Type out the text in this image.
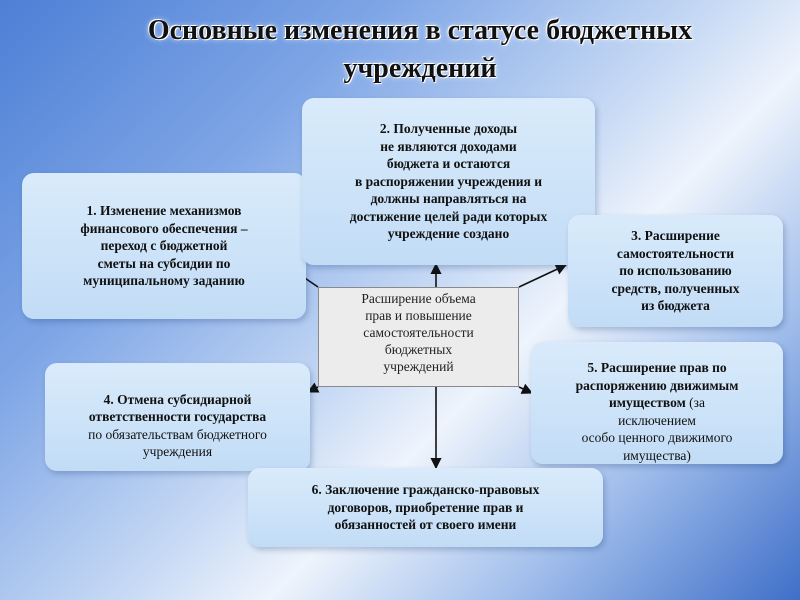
Основные изменения в статусе бюджетных учреждений
1. Изменение механизмов
финансового обеспечения –
переход с бюджетной
сметы на субсидии по
муниципальному заданию
2. Полученные доходы
не являются доходами
бюджета и остаются
в распоряжении учреждения и
должны направляться на
достижение целей ради которых
учреждение создано	3. Расширение
самостоятельности
по использованию
средств, полученных
из бюджета

4. Отмена субсидиарной
ответственности государства
по обязательствам бюджетного
учреждения

5. Расширение прав по
распоряжению движимым
имуществом (за
исключением
особо ценного движимого
имущества)

6. Заключение гражданско-правовых
договоров, приобретение прав и
обязанностей от своего имени
Расширение объема
прав и повышение
самостоятельности
бюджетных
учреждений
